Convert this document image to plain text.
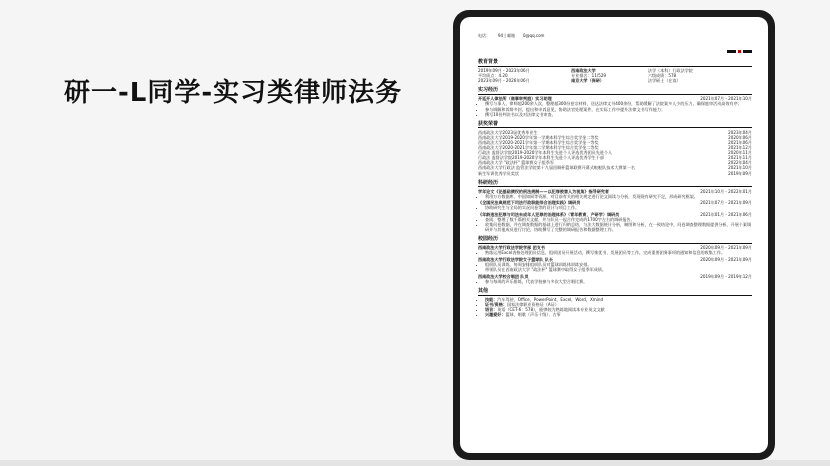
研一-L同学-实习类律师法务
电话： 94 | 邮箱 0@qq.com
教育背景
2019年09月 - 2023年06月	西南政法大学	法学（本科）行政法学院
平均绩点：4.20	专业排名：11/529	六级成绩：578
2023年09月 - 2026年06月	南京大学（保研）	法学硕士（在读）
实习经历
开廷开人律法所（商事审判庭）实习助理	2021年07月 - 2021年10月
• 撰写与事人、律师超200余人次，整理超300份卷宗材料，送达法律文书400余份，帮助缓解了法院案多人少的压力，确保庭审活动高效有序；
• 参与调解和诉辩多封，提出和申诉意见，协助法官处理案件，在实际工作中提升法律文书写作能力；
• 撰写10份判决书以及对法律文书审查。
获奖荣誉
西南政法大学2023届优秀毕业生	2023年04月
西南政法大学2019-2020学年第一学期本科学生综合奖学金二等奖	2020年06月
西南政法大学2020-2021学年第一学期本科学生综合奖学金一等奖	2021年06月
西南政法大学2020-2021学年第二学期本科学生综合奖学金二等奖	2021年12月
行政法 监督法学院2019-2020学年本科生先进个人评选优秀团员先进个人	2020年11月
行政法 监督法学院2019-2020学年本科生先进个人评选优秀学生干部	2021年11月
西南政法大学 "政法杯" 篮球赛女子组季军	2022年04月
西南政法大学行政法 监管法学院第十九届回顾杯篮球联赛开幕式啦啦队技术大赛第一名	2021年10月
新生军训优秀学员奖状	2019年09月
科研经历
学年论文《论基础债权的刑法规制——以犯罪被害人为视角》指导研究者	2021年10月 - 2022年01月
• 利用万方数据库、中国知网等资源，对目前有关的相关规定进行论文阅读与分析，发现现有研究不足，形成研究框架。
《全国民法典规范下司法行政职能综合治理实践》调研员	2021年07月 - 2021年09月
• 协助研究生与全局的实况问卷等的设计与项目工作。
《年龄违法犯罪与司法未成年人犯罪的治理体系》（青年教育，产研学）调研员	2021年01月 - 2021年06月
• 查阅、整理了数千篇相关文献，并与队员一起合作完成约1700字左右的调研报告。
• 收集问卷数据，并在调查数据的基础上进行归纳总结，与法大数据统计分析，制图和分析，在一致结论中，问卷调查整理数据提供分析，开展个案调研并与其他成员进行讨论，协助撰写了完整的调研报告和数据整理工作。
校园经历
西南政法大学行政法学院学部 团支书	2020年09月 - 2021年09月
• 熟练运用Excel表格处理团员信息，组织团员开展活动，撰写推优书、发展团员等工作，完成重要团务事项的通知和信息的收集工作。
西南政法大学行政法学院女子篮球队 队长	2020年09月 - 2021年09月
• 组织队员训练，每周安排组织队员对篮球训练体训练安排。
• 带领队员在西南政法大学 "政法杯" 篮球赛中取得女子组季军成绩。
西南政法大学校合唱团 队员	2019年09月 - 2019年12月
• 参与每周的声乐排练，代表学校参与多次大型合唱比赛。
其他
• 技能：汽车驾驶，Office，PowerPoint，Excel，Word，Xmind
• 证书/资格：国家法律职业资格证（A证）
• 语言：英语（CET-6：578），能够较为熟练地阅读本专业英文文献
• 兴趣爱好：篮球、唱歌（声乐十级）、古筝
